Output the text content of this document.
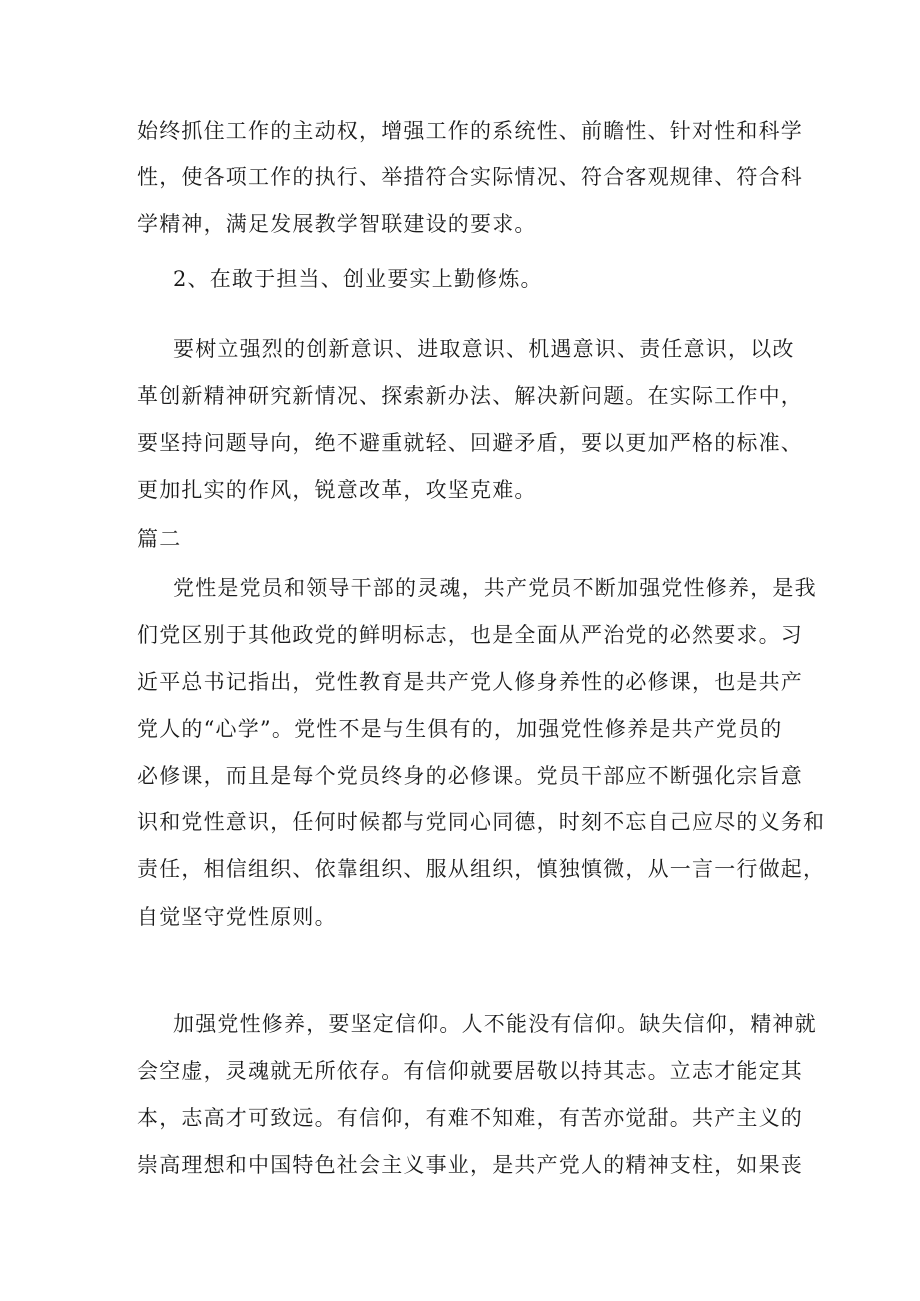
始终抓住工作的主动权，增强工作的系统性、前瞻性、针对性和科学
性，使各项工作的执行、举措符合实际情况、符合客观规律、符合科
学精神，满足发展教学智联建设的要求。
2、在敢于担当、创业要实上勤修炼。
要树立强烈的创新意识、进取意识、机遇意识、责任意识，以改
革创新精神研究新情况、探索新办法、解决新问题。在实际工作中，
要坚持问题导向，绝不避重就轻、回避矛盾，要以更加严格的标准、
更加扎实的作风，锐意改革，攻坚克难。
篇二
党性是党员和领导干部的灵魂，共产党员不断加强党性修养，是我
们党区别于其他政党的鲜明标志，也是全面从严治党的必然要求。习
近平总书记指出，党性教育是共产党人修身养性的必修课，也是共产
党人的“心学”。党性不是与生俱有的，加强党性修养是共产党员的
必修课，而且是每个党员终身的必修课。党员干部应不断强化宗旨意
识和党性意识，任何时候都与党同心同德，时刻不忘自己应尽的义务和
责任，相信组织、依靠组织、服从组织，慎独慎微，从一言一行做起，
自觉坚守党性原则。
加强党性修养，要坚定信仰。人不能没有信仰。缺失信仰，精神就
会空虚，灵魂就无所依存。有信仰就要居敬以持其志。立志才能定其
本，志高才可致远。有信仰，有难不知难，有苦亦觉甜。共产主义的
崇高理想和中国特色社会主义事业，是共产党人的精神支柱，如果丧
